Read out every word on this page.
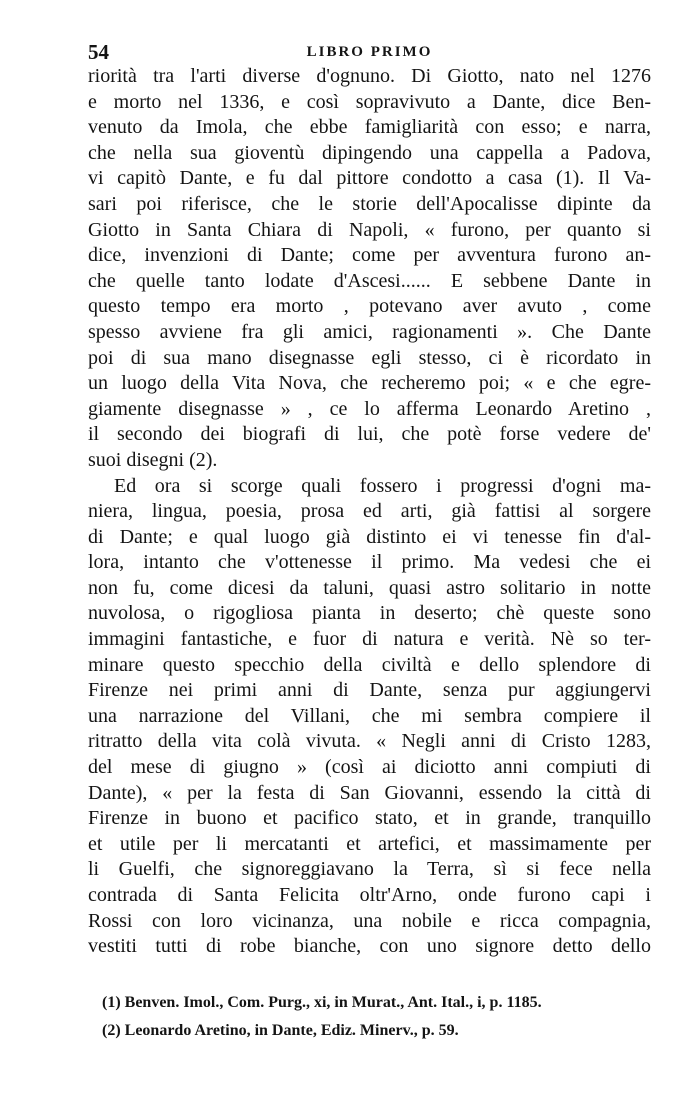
54	LIBRO PRIMO
riorità tra l'arti diverse d'ognuno. Di Giotto, nato nel 1276
e morto nel 1336, e così sopravivuto a Dante, dice Ben-
venuto da Imola, che ebbe famigliarità con esso; e narra,
che nella sua gioventù dipingendo una cappella a Padova,
vi capitò Dante, e fu dal pittore condotto a casa (1). Il Va-
sari poi riferisce, che le storie dell'Apocalisse dipinte da
Giotto in Santa Chiara di Napoli, « furono, per quanto si
dice, invenzioni di Dante; come per avventura furono an-
che quelle tanto lodate d'Ascesi...... E sebbene Dante in
questo tempo era morto , potevano aver avuto , come
spesso avviene fra gli amici, ragionamenti ». Che Dante
poi di sua mano disegnasse egli stesso, ci è ricordato in
un luogo della Vita Nova, che recheremo poi; « e che egre-
giamente disegnasse » , ce lo afferma Leonardo Aretino ,
il secondo dei biografi di lui, che potè forse vedere de'
suoi disegni (2).
Ed ora si scorge quali fossero i progressi d'ogni ma-
niera, lingua, poesia, prosa ed arti, già fattisi al sorgere
di Dante; e qual luogo già distinto ei vi tenesse fin d'al-
lora, intanto che v'ottenesse il primo. Ma vedesi che ei
non fu, come dicesi da taluni, quasi astro solitario in notte
nuvolosa, o rigogliosa pianta in deserto; chè queste sono
immagini fantastiche, e fuor di natura e verità. Nè so ter-
minare questo specchio della civiltà e dello splendore di
Firenze nei primi anni di Dante, senza pur aggiungervi
una narrazione del Villani, che mi sembra compiere il
ritratto della vita colà vivuta. « Negli anni di Cristo 1283,
del mese di giugno » (così ai diciotto anni compiuti di
Dante), « per la festa di San Giovanni, essendo la città di
Firenze in buono et pacifico stato, et in grande, tranquillo
et utile per li mercatanti et artefici, et massimamente per
li Guelfi, che signoreggiavano la Terra, sì si fece nella
contrada di Santa Felicita oltr'Arno, onde furono capi i
Rossi con loro vicinanza, una nobile e ricca compagnia,
vestiti tutti di robe bianche, con uno signore detto dello
(1) Benven. Imol., Com. Purg., xi, in Murat., Ant. Ital., i, p. 1185.
(2) Leonardo Aretino, in Dante, Ediz. Minerv., p. 59.
